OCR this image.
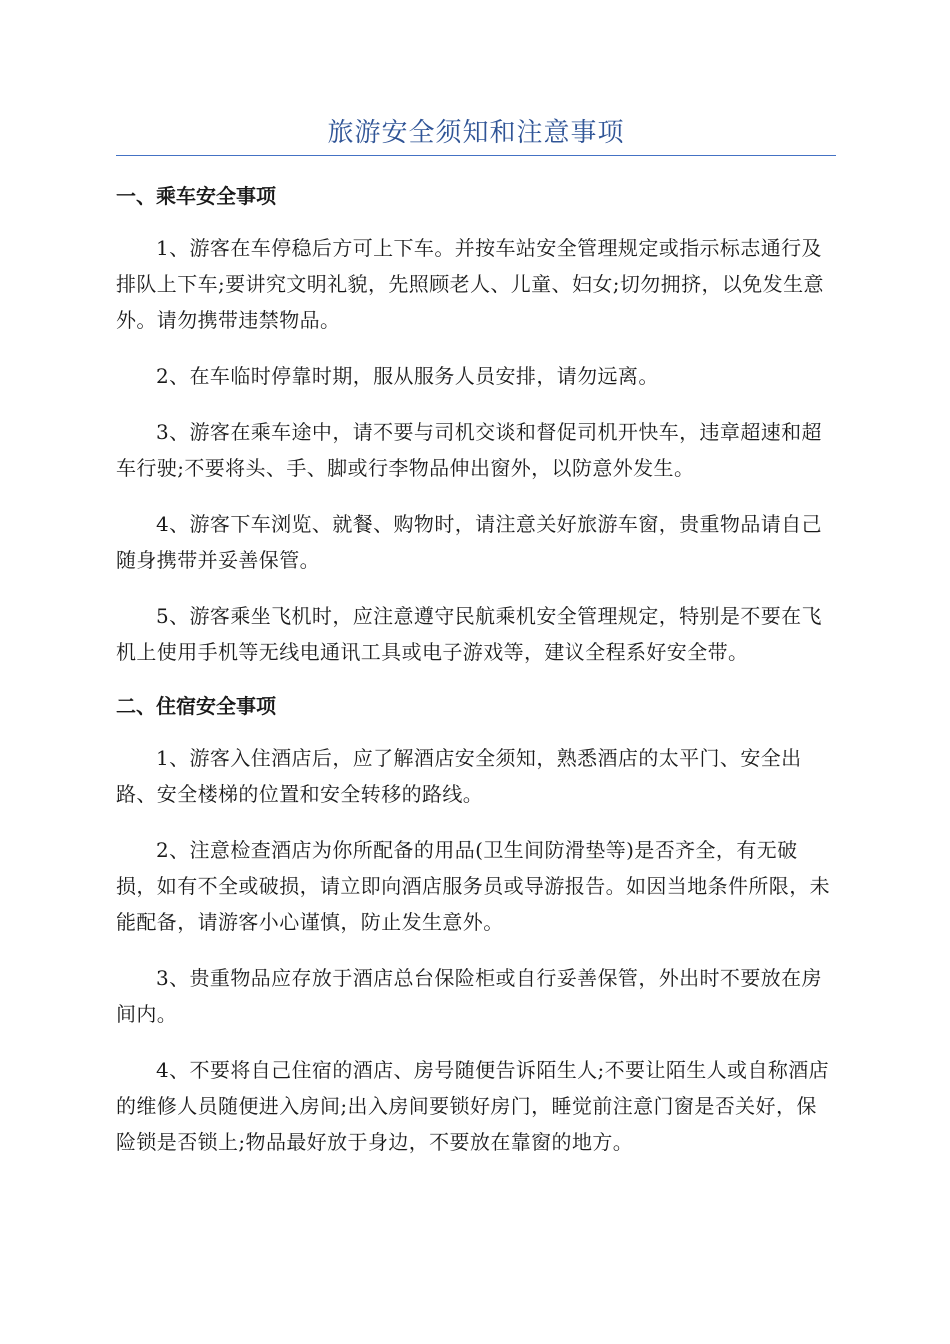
旅游安全须知和注意事项
一、乘车安全事项

1、游客在车停稳后方可上下车。并按车站安全管理规定或指示标志通行及排队上下车;要讲究文明礼貌，先照顾老人、儿童、妇女;切勿拥挤，以免发生意外。请勿携带违禁物品。

2、在车临时停靠时期，服从服务人员安排，请勿远离。

3、游客在乘车途中，请不要与司机交谈和督促司机开快车，违章超速和超车行驶;不要将头、手、脚或行李物品伸出窗外，以防意外发生。

4、游客下车浏览、就餐、购物时，请注意关好旅游车窗，贵重物品请自己随身携带并妥善保管。

5、游客乘坐飞机时，应注意遵守民航乘机安全管理规定，特别是不要在飞机上使用手机等无线电通讯工具或电子游戏等，建议全程系好安全带。

二、住宿安全事项

1、游客入住酒店后，应了解酒店安全须知，熟悉酒店的太平门、安全出路、安全楼梯的位置和安全转移的路线。

2、注意检查酒店为你所配备的用品(卫生间防滑垫等)是否齐全，有无破损，如有不全或破损，请立即向酒店服务员或导游报告。如因当地条件所限，未能配备，请游客小心谨慎，防止发生意外。

3、贵重物品应存放于酒店总台保险柜或自行妥善保管，外出时不要放在房间内。

4、不要将自己住宿的酒店、房号随便告诉陌生人;不要让陌生人或自称酒店的维修人员随便进入房间;出入房间要锁好房门，睡觉前注意门窗是否关好，保险锁是否锁上;物品最好放于身边，不要放在靠窗的地方。
